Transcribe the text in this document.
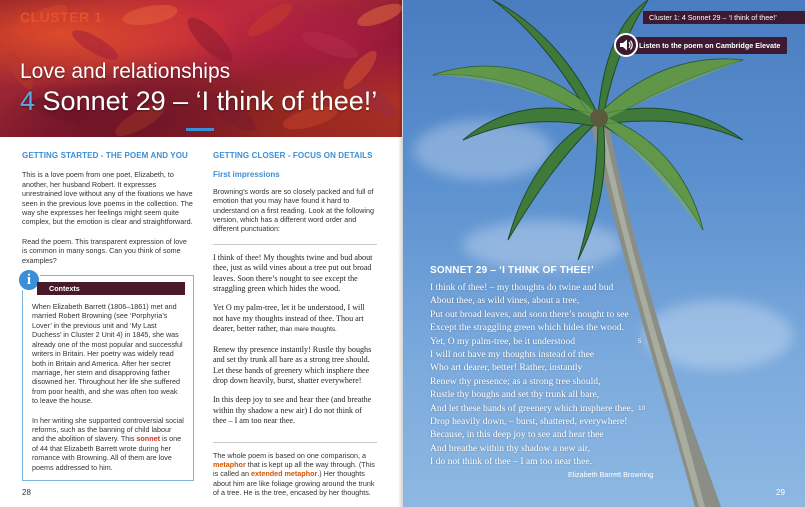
CLUSTER 1
Love and relationships
4 Sonnet 29 – ‘I think of thee!’
GETTING STARTED - THE POEM AND YOU

This is a love poem from one poet, Elizabeth, to another, her husband Robert. It expresses unrestrained love without any of the fixations we have seen in the previous love poems in the collection. The way she expresses her feelings might seem quite complex, but the emotion is clear and straightforward.

Read the poem. This transparent expression of love is common in many songs. Can you think of some examples?

i
Contexts

When Elizabeth Barrett (1806–1861) met and married Robert Browning (see ‘Porphyria’s Lover’ in the previous unit and ‘My Last Duchess’ in Cluster 2 Unit 4) in 1845, she was already one of the most popular and successful writers in Britain. Her poetry was widely read both in Britain and America. After her secret marriage, her stern and disapproving father disowned her. Throughout her life she suffered from poor health, and she was often too weak to leave the house.

In her writing she supported controversial social reforms, such as the banning of child labour and the abolition of slavery. This sonnet is one of 44 that Elizabeth Barrett wrote during her romance with Browning. All of them are love poems addressed to him.

GETTING CLOSER - FOCUS ON DETAILS
First impressions

Browning’s words are so closely packed and full of emotion that you may have found it hard to understand on a first reading. Look at the following version, which has a different word order and different punctuation:

I think of thee! My thoughts twine and bud about thee, just as wild vines about a tree put out broad leaves. Soon there’s nought to see except the straggling green which hides the wood.

Yet O my palm-tree, let it be understood, I will not have my thoughts instead of thee. Thou art dearer, better rather, than mere thoughts.

Renew thy presence instantly! Rustle thy boughs and set thy trunk all bare as a strong tree should. Let these bands of greenery which insphere thee drop down heavily, burst, shatter everywhere!

In this deep joy to see and hear thee (and breathe within thy shadow a new air) I do not think of thee – I am too near thee.

The whole poem is based on one comparison, a metaphor that is kept up all the way through. (This is called an extended metaphor.) Her thoughts about him are like foliage growing around the trunk of a tree. He is the tree, encased by her thoughts.

28
Cluster 1: 4 Sonnet 29 – ‘I think of thee!’
Listen to the poem on Cambridge Elevate
SONNET 29 – ‘I THINK OF THEE!’
I think of thee! – my thoughts do twine and bud
About thee, as wild vines, about a tree,
Put out broad leaves, and soon there’s nought to see
Except the straggling green which hides the wood.
Yet, O my palm-tree, be it understood	5
I will not have my thoughts instead of thee
Who art dearer, better! Rather, instantly
Renew thy presence; as a strong tree should,
Rustle thy boughs and set thy trunk all bare,
And let these bands of greenery which insphere thee, 10
Drop heavily down, – burst, shattered, everywhere!
Because, in this deep joy to see and hear thee
And breathe within thy shadow a new air,
I do not think of thee – I am too near thee.
Elizabeth Barrett Browning
29
